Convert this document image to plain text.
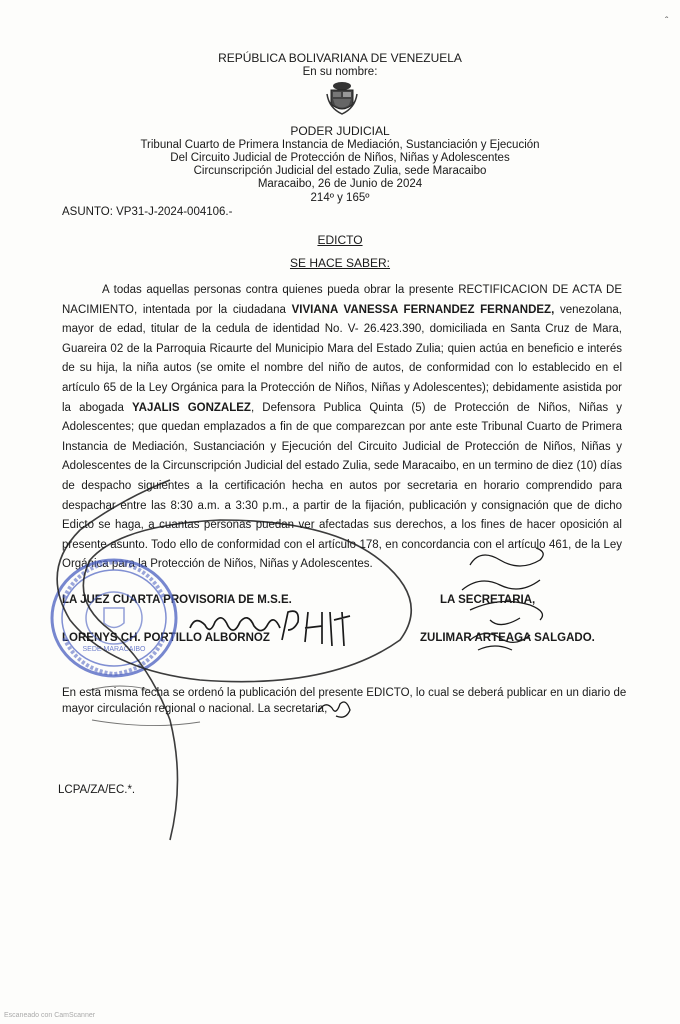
ˆ
REPÚBLICA BOLIVARIANA DE VENEZUELA
En su nombre:
PODER JUDICIAL
Tribunal Cuarto de Primera Instancia de Mediación, Sustanciación y Ejecución
Del Circuito Judicial de Protección de Niños, Niñas y Adolescentes
Circunscripción Judicial del estado Zulia, sede Maracaibo
Maracaibo, 26 de Junio de 2024
214º y 165º
ASUNTO: VP31-J-2024-004106.-
EDICTO
SE HACE SABER:
A todas aquellas personas contra quienes pueda obrar la presente RECTIFICACION DE ACTA DE NACIMIENTO, intentada por la ciudadana VIVIANA VANESSA FERNANDEZ FERNANDEZ, venezolana, mayor de edad, titular de la cedula de identidad No. V- 26.423.390, domiciliada en Santa Cruz de Mara, Guareira 02 de la Parroquia Ricaurte del Municipio Mara del Estado Zulia; quien actúa en beneficio e interés de su hija, la niña autos (se omite el nombre del niño de autos, de conformidad con lo establecido en el artículo 65 de la Ley Orgánica para la Protección de Niños, Niñas y Adolescentes); debidamente asistida por la abogada YAJALIS GONZALEZ, Defensora Publica Quinta (5) de Protección de Niños, Niñas y Adolescentes; que quedan emplazados a fin de que comparezcan por ante este Tribunal Cuarto de Primera Instancia de Mediación, Sustanciación y Ejecución del Circuito Judicial de Protección de Niños, Niñas y Adolescentes de la Circunscripción Judicial del estado Zulia, sede Maracaibo, en un termino de diez (10) días de despacho siguientes a la certificación hecha en autos por secretaria en horario comprendido para despachar entre las 8:30 a.m. a 3:30 p.m., a partir de la fijación, publicación y consignación que de dicho Edicto se haga, a cuantas personas puedan ver afectadas sus derechos, a los fines de hacer oposición al presente asunto. Todo ello de conformidad con el artículo 178, en concordancia con el artículo 461, de la Ley Orgánica para la Protección de Niños, Niñas y Adolescentes.
LA JUEZ CUARTA PROVISORIA DE M.S.E.
LORENYS CH. PORTILLO ALBORNOZ
LA SECRETARIA,
ZULIMAR ARTEAGA SALGADO.
En esta misma fecha se ordenó la publicación del presente EDICTO, lo cual se deberá publicar en un diario de mayor circulación regional o nacional. La secretaria,
LCPA/ZA/EC.*.
SEDE MARACAIBO
Escaneado con CamScanner
